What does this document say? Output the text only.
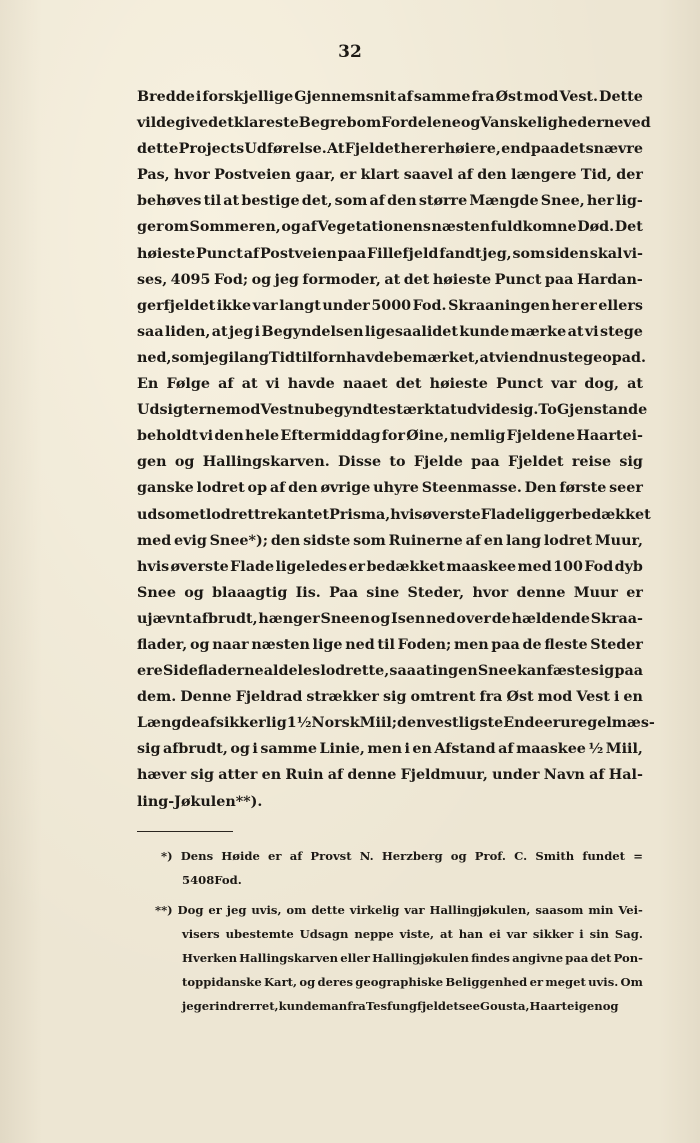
32
Bredde i forskjellige Gjennemsnit af samme fra Øst mod Vest. Dette
vilde give det klareste Begreb om Fordelene og Vanskelighederne ved
dette Projects Udførelse. At Fjeldet her er høiere, end paa det snævre
Pas, hvor Postveien gaar, er klart saavel af den længere Tid, der
behøves til at bestige det, som af den større Mængde Snee, her lig-
ger om Sommeren, og af Vegetationens næsten fuldkomne Død. Det
høieste Punct af Postveien paa Fillefjeld fandt jeg, som siden skal vi-
ses, 4095 Fod; og jeg formoder, at det høieste Punct paa Hardan-
gerfjeldet ikke var langt under 5000 Fod. Skraaningen her er ellers
saa liden, at jeg i Begyndelsen ligesaalidet kunde mærke at vi stege
ned, som jeg i lang Tid tilforn havde bemærket, at vi endnu stege opad.
En Følge af at vi havde naaet det høieste Punct var dog, at
Udsigterne mod Vest nu begyndte stærkt at udvide sig. To Gjenstande
beholdt vi den hele Eftermiddag for Øine, nemlig Fjeldene Haartei-
gen og Hallingskarven. Disse to Fjelde paa Fjeldet reise sig
ganske lodret op af den øvrige uhyre Steenmasse. Den første seer
ud som et lodret trekantet Prisma, hvis øverste Flade ligger bedækket
med evig Snee*); den sidste som Ruinerne af en lang lodret Muur,
hvis øverste Flade ligeledes er bedækket maaskee med 100 Fod dyb
Snee og blaaagtig Iis. Paa sine Steder, hvor denne Muur er
ujævnt afbrudt, hænger Sneen og Isen ned over de hældende Skraa-
flader, og naar næsten lige ned til Foden; men paa de fleste Steder
ere Sidefladerne aldeles lodrette, saa at ingen Snee kan fæste sig paa
dem. Denne Fjeldrad strækker sig omtrent fra Øst mod Vest i en
Længde af sikkerlig 1½ Norsk Miil; den vestligste Ende er uregelmæs-
sig afbrudt, og i samme Linie, men i en Afstand af maaskee ½ Miil,
hæver sig atter en Ruin af denne Fjeldmuur, under Navn af Hal-
ling-Jøkulen**).
*) Dens Høide er af Provst N. Herzberg og Prof. C. Smith fundet =
5408 Fod.
**) Dog er jeg uvis, om dette virkelig var Hallingjøkulen, saasom min Vei-
visers ubestemte Udsagn neppe viste, at han ei var sikker i sin Sag.
Hverken Hallingskarven eller Hallingjøkulen findes angivne paa det Pon-
toppidanske Kart, og deres geographiske Beliggenhed er meget uvis. Om
jeg erindrer ret, kunde man fra Tesfungfjeldet see Gousta, Haarteigen og
